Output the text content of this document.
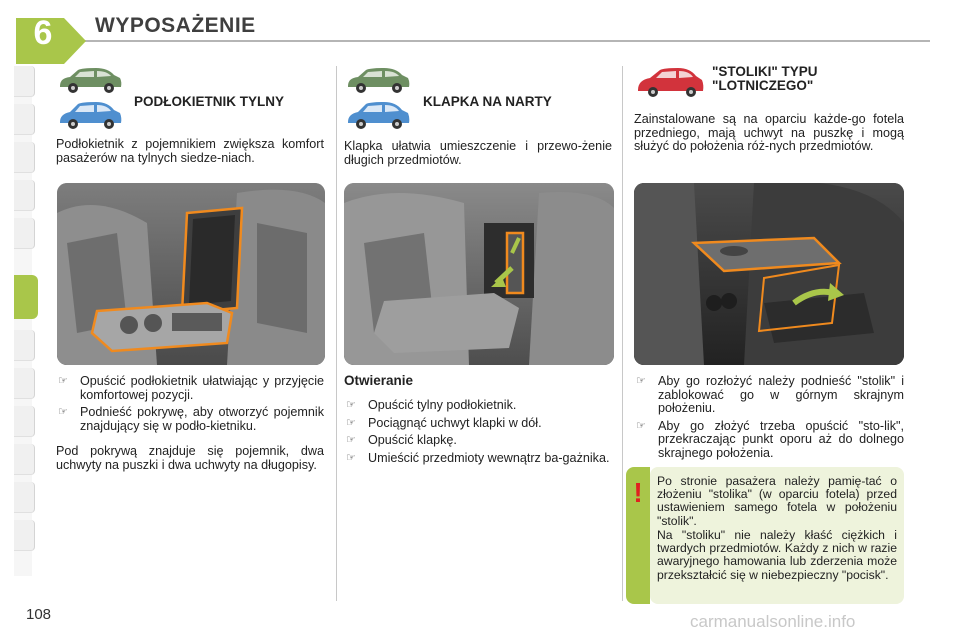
6 WYPOSAŻENIE
PODŁOKIETNIK TYLNY
Podłokietnik z pojemnikiem zwiększa komfort pasażerów na tylnych siedze-niach.
☞ Opuścić podłokietnik ułatwiając y przyjęcie komfortowej pozycji.
☞ Podnieść pokrywę, aby otworzyć pojemnik znajdujący się w podło-kietniku.
Pod pokrywą znajduje się pojemnik, dwa uchwyty na puszki i dwa uchwyty na długopisy.
KLAPKA NA NARTY
Klapka ułatwia umieszczenie i przewo-żenie długich przedmiotów.
Otwieranie
☞ Opuścić tylny podłokietnik.
☞ Pociągnąć uchwyt klapki w dół.
☞ Opuścić klapkę.
☞ Umieścić przedmioty wewnątrz ba-gażnika.
"STOLIKI" TYPU
"LOTNICZEGO"
Zainstalowane są na oparciu każde-go fotela przedniego, mają uchwyt na puszkę i mogą służyć do położenia róż-nych przedmiotów.
☞ Aby go rozłożyć należy podnieść "stolik" i zablokować go w górnym skrajnym położeniu.
☞ Aby go złożyć trzeba opuścić "sto-lik", przekraczając punkt oporu aż do dolnego skrajnego położenia.
!	Po stronie pasażera należy pamię-tać o złożeniu "stolika" (w oparciu fotela) przed ustawieniem samego fotela w położeniu "stolik".
Na "stoliku" nie należy kłaść ciężkich i twardych przedmiotów. Każdy z nich w razie awaryjnego hamowania lub zderzenia może przekształcić się w niebezpieczny "pocisk".
108	carmanualsonline.info
